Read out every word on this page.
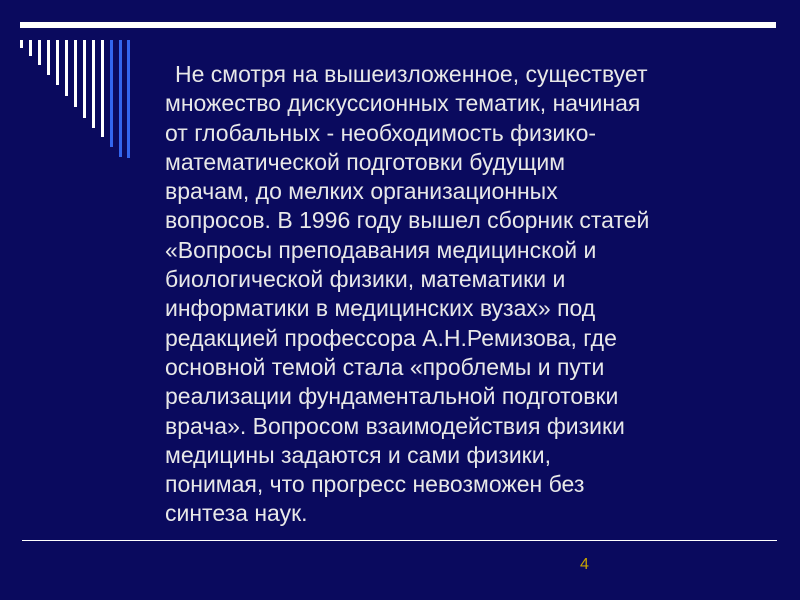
Не смотря на вышеизложенное, существует
множество дискуссионных тематик, начиная
от глобальных - необходимость физико-
математической подготовки будущим
врачам, до мелких организационных
вопросов. В 1996 году вышел сборник статей
«Вопросы преподавания медицинской и
биологической физики, математики и
информатики в медицинских вузах» под
редакцией профессора А.Н.Ремизова, где
основной темой стала «проблемы и пути
реализации фундаментальной подготовки
врача». Вопросом взаимодействия физики
медицины задаются и сами физики,
понимая, что прогресс невозможен без
синтеза наук.

4
